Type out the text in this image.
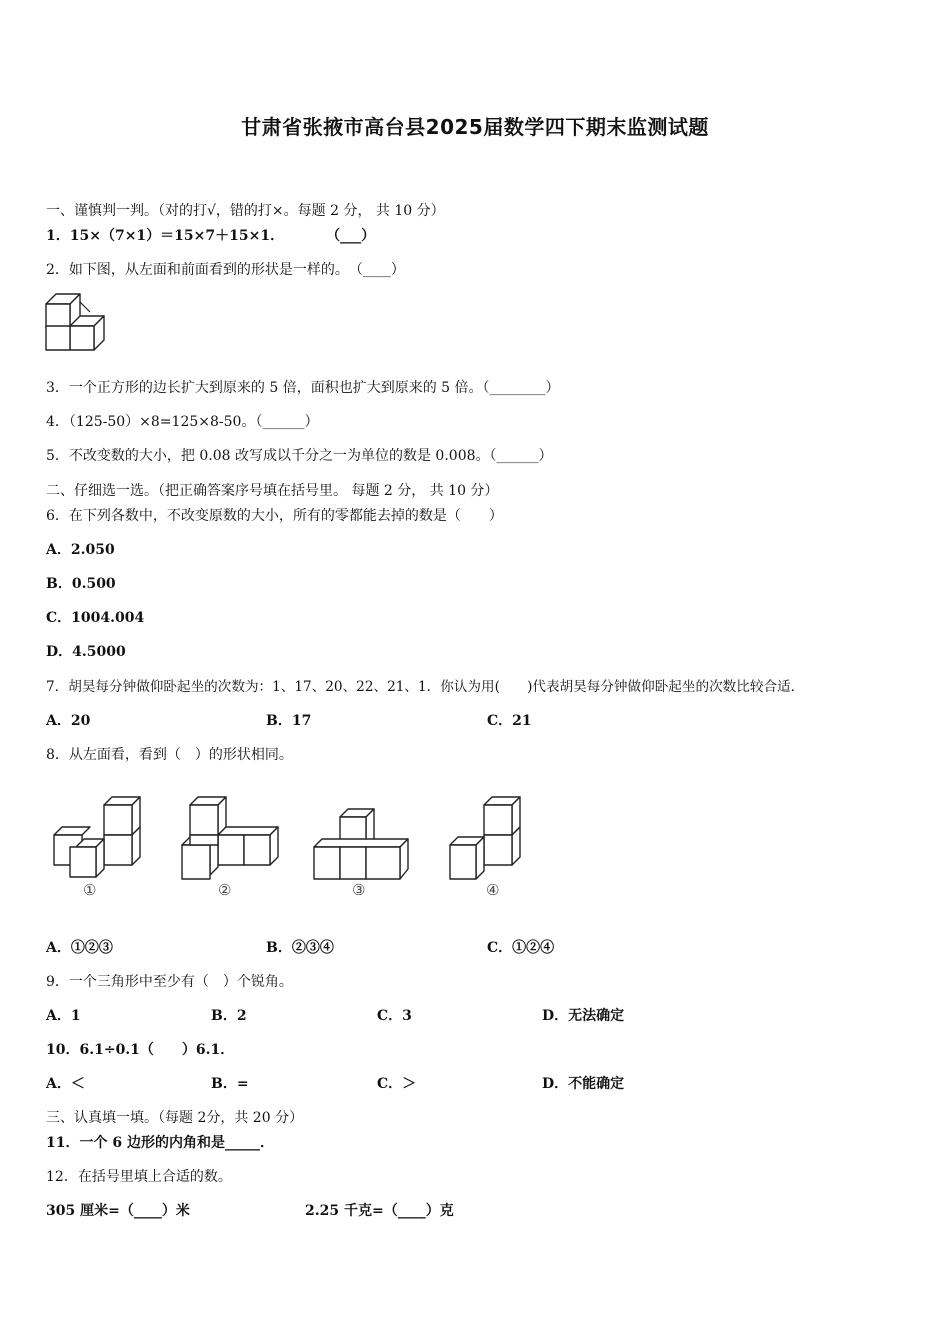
甘肃省张掖市高台县2025届数学四下期末监测试题
一、谨慎判一判。（对的打√，错的打×。每题 2 分， 共 10 分）
1．15×（7×1）＝15×7＋15×1．　　　　（___）
2．如下图，从左面和前面看到的形状是一样的。　（____）
3．一个正方形的边长扩大到原来的 5 倍，面积也扩大到原来的 5 倍。（________）
4．（125-50）×8=125×8-50。（______）
5．不改变数的大小，把 0.08 改写成以千分之一为单位的数是 0.008。（______）
二、仔细选一选。（把正确答案序号填在括号里。 每题 2 分， 共 10 分）
6．在下列各数中，不改变原数的大小，所有的零都能去掉的数是（　　）
A．2.050
B．0.500
C．1004.004
D．4.5000
7．胡昊每分钟做仰卧起坐的次数为：1、17、20、22、21、1．你认为用(　　)代表胡昊每分钟做仰卧起坐的次数比较合适．
A．20	B．17	C．21
8．从左面看，看到（　）的形状相同。
①	②	③	④
A．①②③	B．②③④	C．①②④
9．一个三角形中至少有（　）个锐角。
A．1	B．2	C．3	D．无法确定
10．6.1÷0.1（　　）6.1．
A．＜	B．=	C．＞	D．不能确定
三、认真填一填。（每题 2分，共 20 分）
11．一个 6 边形的内角和是_____．
12．在括号里填上合适的数。
305 厘米=（____）米	2.25 千克=（____）克
